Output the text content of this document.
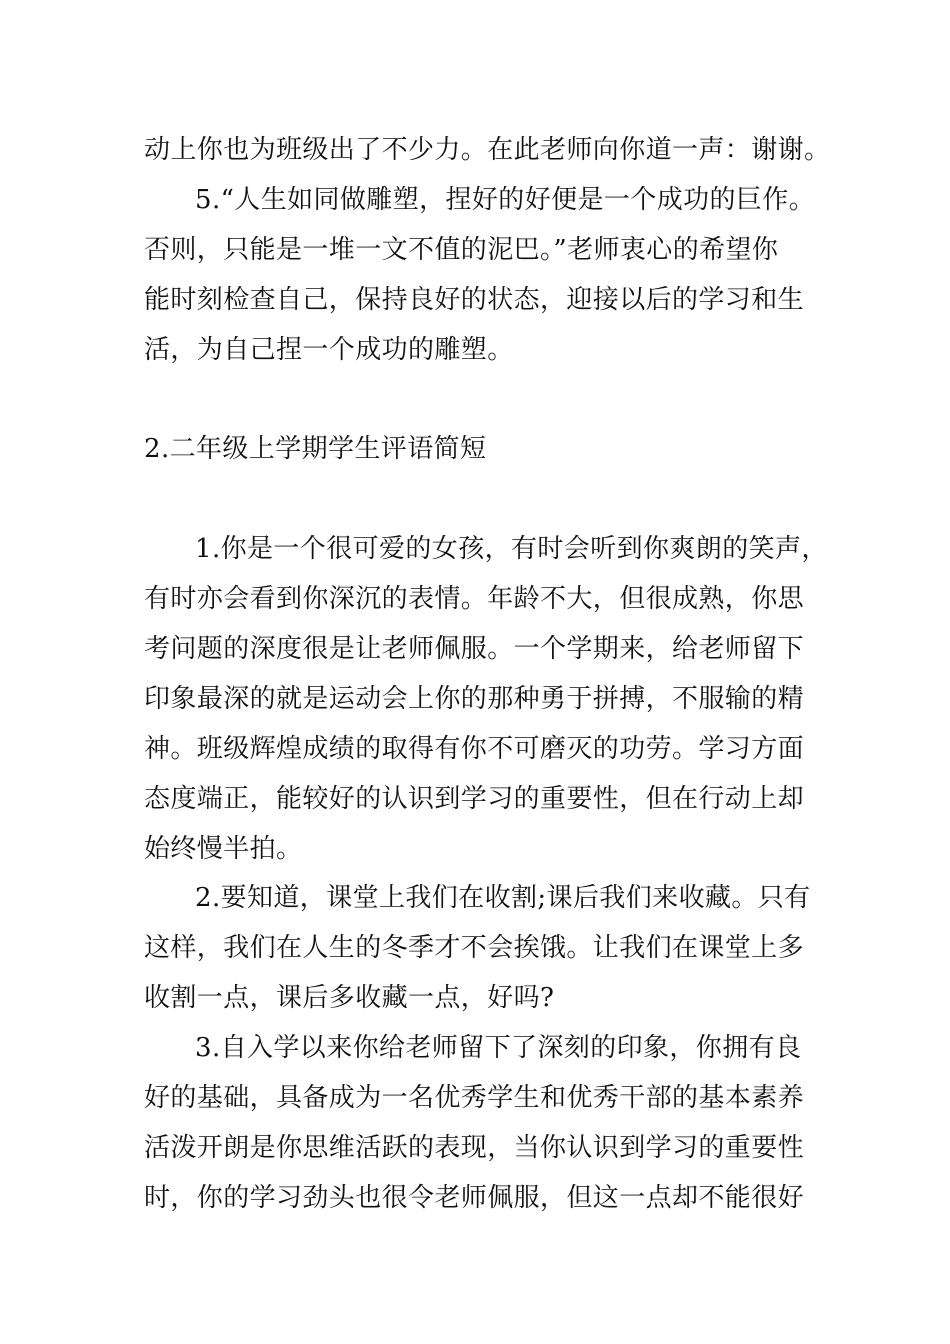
动上你也为班级出了不少力。在此老师向你道一声：谢谢。
5.“人生如同做雕塑，捏好的好便是一个成功的巨作。
否则，只能是一堆一文不值的泥巴。”老师衷心的希望你
能时刻检查自己，保持良好的状态，迎接以后的学习和生
活，为自己捏一个成功的雕塑。
2.二年级上学期学生评语简短
1.你是一个很可爱的女孩，有时会听到你爽朗的笑声，
有时亦会看到你深沉的表情。年龄不大，但很成熟，你思
考问题的深度很是让老师佩服。一个学期来，给老师留下
印象最深的就是运动会上你的那种勇于拼搏，不服输的精
神。班级辉煌成绩的取得有你不可磨灭的功劳。学习方面
态度端正，能较好的认识到学习的重要性，但在行动上却
始终慢半拍。
2.要知道，课堂上我们在收割;课后我们来收藏。只有
这样，我们在人生的冬季才不会挨饿。让我们在课堂上多
收割一点，课后多收藏一点，好吗?
3.自入学以来你给老师留下了深刻的印象，你拥有良
好的基础，具备成为一名优秀学生和优秀干部的基本素养
活泼开朗是你思维活跃的表现，当你认识到学习的重要性
时，你的学习劲头也很令老师佩服，但这一点却不能很好
